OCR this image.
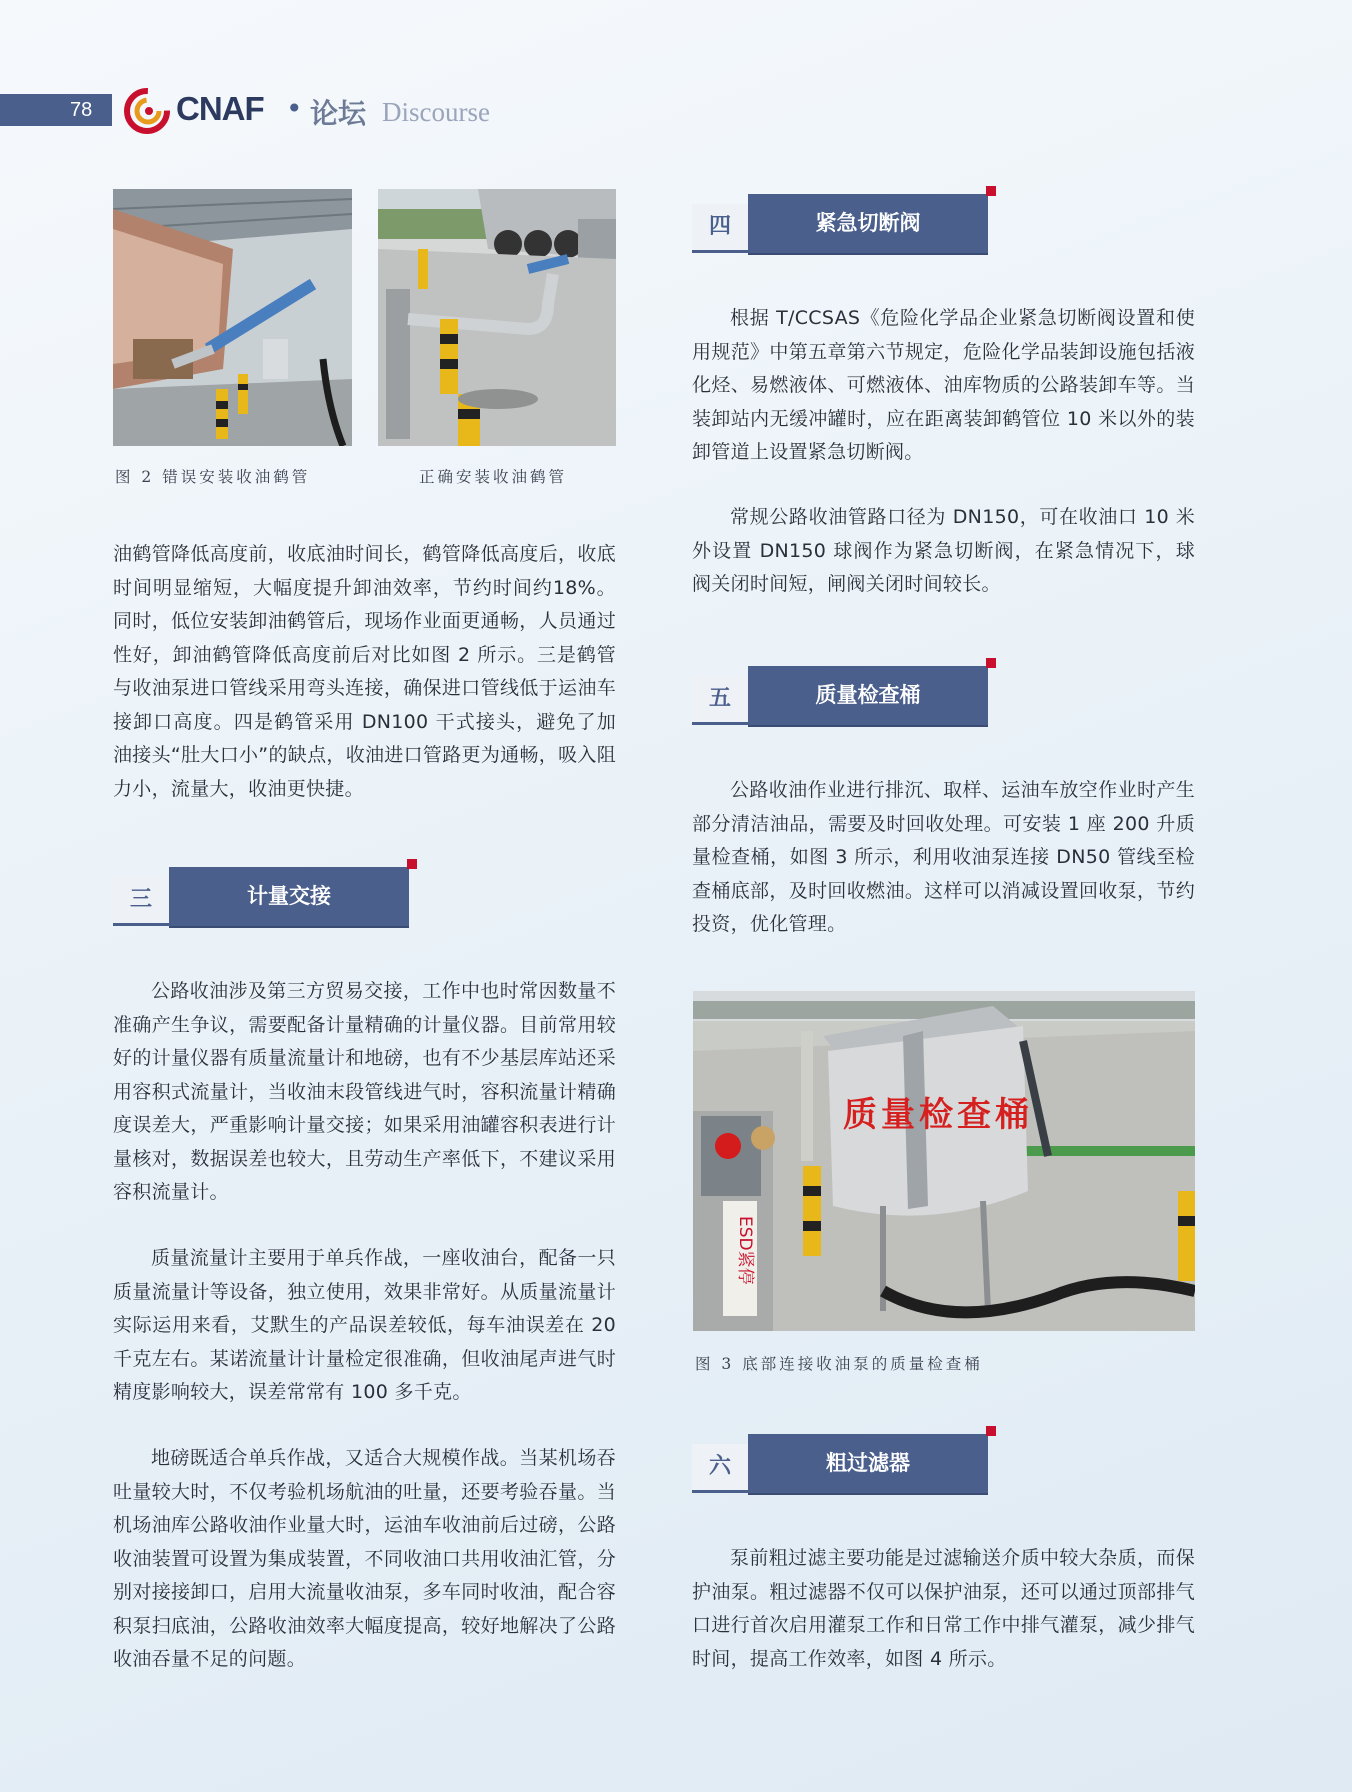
78	CNAF • 论坛 Discourse
图 2 错误安装收油鹤管	正确安装收油鹤管

油鹤管降低高度前，收底油时间长，鹤管降低高度后，收底时间明显缩短，大幅度提升卸油效率，节约时间约18%。同时，低位安装卸油鹤管后，现场作业面更通畅，人员通过性好，卸油鹤管降低高度前后对比如图 2 所示。三是鹤管与收油泵进口管线采用弯头连接，确保进口管线低于运油车接卸口高度。四是鹤管采用 DN100 干式接头，避免了加油接头“肚大口小”的缺点，收油进口管路更为通畅，吸入阻力小，流量大，收油更快捷。

三	计量交接

公路收油涉及第三方贸易交接，工作中也时常因数量不准确产生争议，需要配备计量精确的计量仪器。目前常用较好的计量仪器有质量流量计和地磅，也有不少基层库站还采用容积式流量计，当收油末段管线进气时，容积流量计精确度误差大，严重影响计量交接；如果采用油罐容积表进行计量核对，数据误差也较大，且劳动生产率低下，不建议采用容积流量计。

质量流量计主要用于单兵作战，一座收油台，配备一只质量流量计等设备，独立使用，效果非常好。从质量流量计实际运用来看，艾默生的产品误差较低，每车油误差在 20 千克左右。某诺流量计计量检定很准确，但收油尾声进气时精度影响较大，误差常常有 100 多千克。

地磅既适合单兵作战，又适合大规模作战。当某机场吞吐量较大时，不仅考验机场航油的吐量，还要考验吞量。当机场油库公路收油作业量大时，运油车收油前后过磅，公路收油装置可设置为集成装置，不同收油口共用收油汇管，分别对接接卸口，启用大流量收油泵，多车同时收油，配合容积泵扫底油，公路收油效率大幅度提高，较好地解决了公路收油吞量不足的问题。

四	紧急切断阀

根据 T/CCSAS《危险化学品企业紧急切断阀设置和使用规范》中第五章第六节规定，危险化学品装卸设施包括液化烃、易燃液体、可燃液体、油库物质的公路装卸车等。当装卸站内无缓冲罐时，应在距离装卸鹤管位 10 米以外的装卸管道上设置紧急切断阀。

常规公路收油管路口径为 DN150，可在收油口 10 米外设置 DN150 球阀作为紧急切断阀，在紧急情况下，球阀关闭时间短，闸阀关闭时间较长。

五	质量检查桶

公路收油作业进行排沉、取样、运油车放空作业时产生部分清洁油品，需要及时回收处理。可安装 1 座 200 升质量检查桶，如图 3 所示，利用收油泵连接 DN50 管线至检查桶底部，及时回收燃油。这样可以消减设置回收泵，节约投资，优化管理。

ESD紧停
质量检查桶
图 3 底部连接收油泵的质量检查桶
六	粗过滤器

泵前粗过滤主要功能是过滤输送介质中较大杂质，而保护油泵。粗过滤器不仅可以保护油泵，还可以通过顶部排气口进行首次启用灌泵工作和日常工作中排气灌泵，减少排气时间，提高工作效率，如图 4 所示。
